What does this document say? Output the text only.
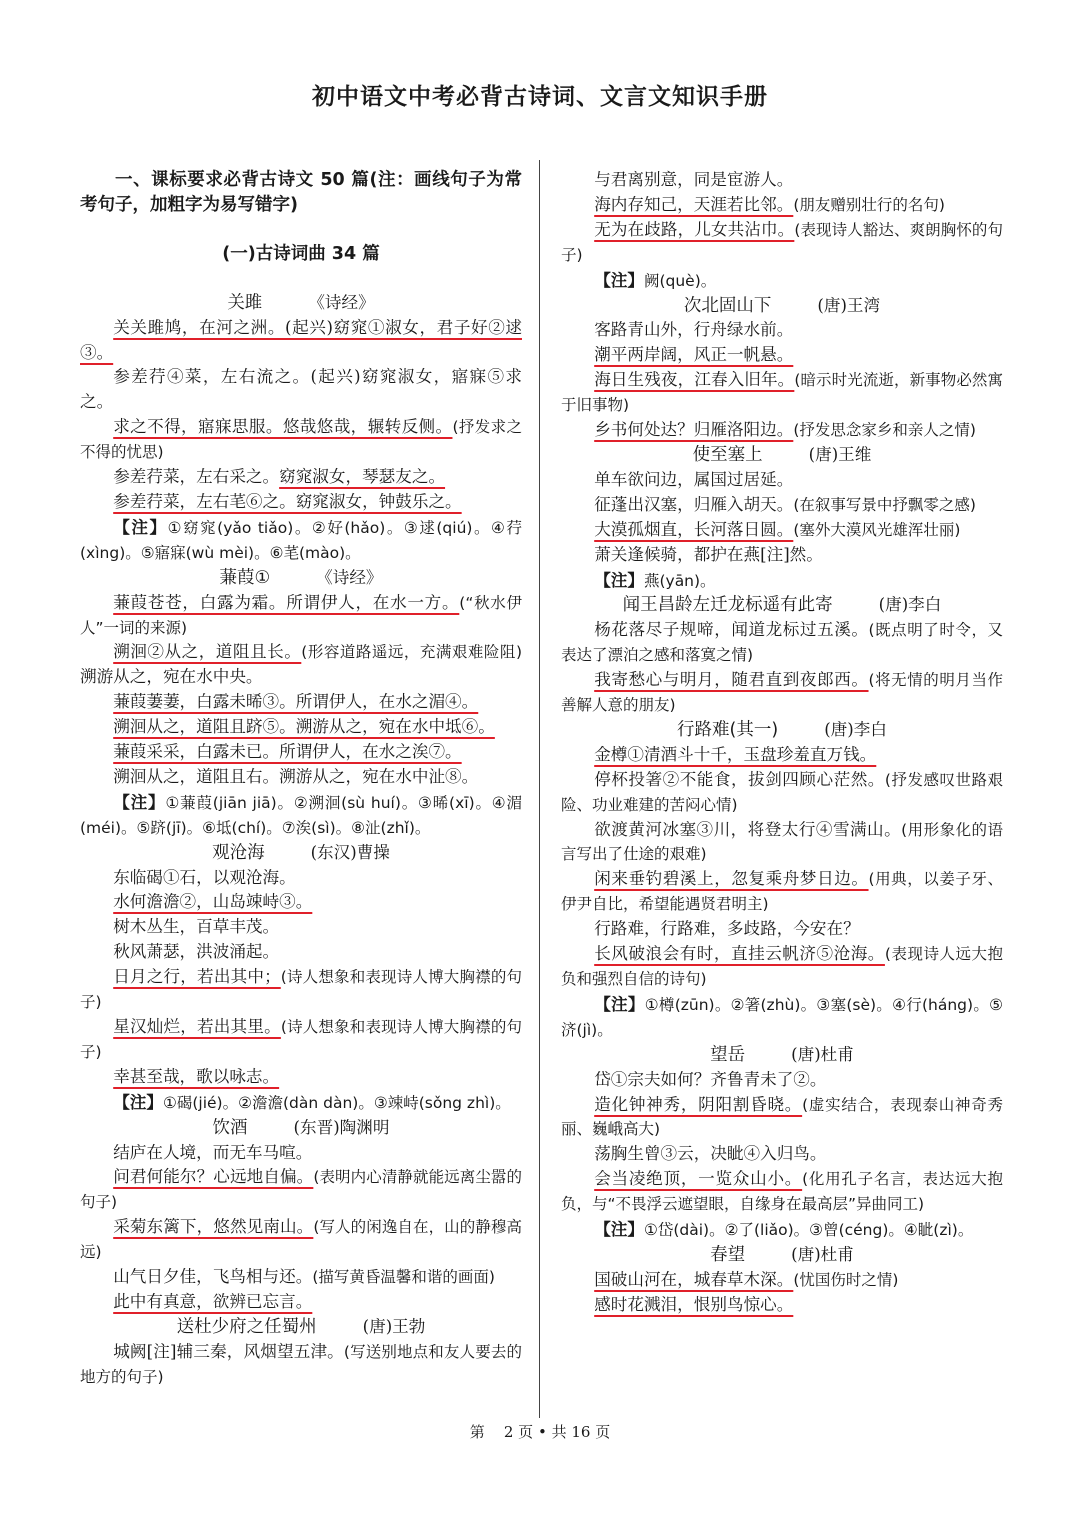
初中语文中考必背古诗词、文言文知识手册
一、课标要求必背古诗文 50 篇(注：画线句子为常考句子，加粗字为易写错字)
(一)古诗词曲 34 篇
关雎	《诗经》
关关雎鸠，在河之洲。(起兴)窈窕①淑女，君子好②逑③。
参差荇④菜，左右流之。(起兴)窈窕淑女，寤寐⑤求之。
求之不得，寤寐思服。悠哉悠哉，辗转反侧。(抒发求之不得的忧思)
参差荇菜，左右采之。窈窕淑女，琴瑟友之。
参差荇菜，左右芼⑥之。窈窕淑女，钟鼓乐之。
【注】①窈窕(yǎo tiǎo)。②好(hǎo)。③逑(qiú)。④荇(xìng)。⑤寤寐(wù mèi)。⑥芼(mào)。
蒹葭①	《诗经》
蒹葭苍苍，白露为霜。所谓伊人，在水一方。(“秋水伊人”一词的来源)
溯洄②从之，道阻且长。(形容道路遥远，充满艰难险阻)溯游从之，宛在水中央。
蒹葭萋萋，白露未晞③。所谓伊人，在水之湄④。
溯洄从之，道阻且跻⑤。溯游从之，宛在水中坻⑥。
蒹葭采采，白露未已。所谓伊人，在水之涘⑦。
溯洄从之，道阻且右。溯游从之，宛在水中沚⑧。
【注】①蒹葭(jiān jiā)。②溯洄(sù huí)。③晞(xī)。④湄(méi)。⑤跻(jī)。⑥坻(chí)。⑦涘(sì)。⑧沚(zhǐ)。
观沧海	(东汉)曹操
东临碣①石，以观沧海。
水何澹澹②，山岛竦峙③。
树木丛生，百草丰茂。
秋风萧瑟，洪波涌起。
日月之行，若出其中；(诗人想象和表现诗人博大胸襟的句子)
星汉灿烂，若出其里。(诗人想象和表现诗人博大胸襟的句子)
幸甚至哉，歌以咏志。
【注】①碣(jié)。②澹澹(dàn dàn)。③竦峙(sǒng zhì)。
饮酒	(东晋)陶渊明
结庐在人境，而无车马喧。
问君何能尔？心远地自偏。(表明内心清静就能远离尘嚣的句子)
采菊东篱下，悠然见南山。(写人的闲逸自在，山的静穆高远)
山气日夕佳，飞鸟相与还。(描写黄昏温馨和谐的画面)
此中有真意，欲辨已忘言。
送杜少府之任蜀州	(唐)王勃
城阙[注]辅三秦，风烟望五津。(写送别地点和友人要去的地方的句子)
与君离别意，同是宦游人。
海内存知己，天涯若比邻。(朋友赠别壮行的名句)
无为在歧路，儿女共沾巾。(表现诗人豁达、爽朗胸怀的句子)
【注】阙(què)。
次北固山下	(唐)王湾
客路青山外，行舟绿水前。
潮平两岸阔，风正一帆悬。
海日生残夜，江春入旧年。(暗示时光流逝，新事物必然寓于旧事物)
乡书何处达？归雁洛阳边。(抒发思念家乡和亲人之情)
使至塞上	(唐)王维
单车欲问边，属国过居延。
征蓬出汉塞，归雁入胡天。(在叙事写景中抒飘零之感)
大漠孤烟直，长河落日圆。(塞外大漠风光雄浑壮丽)
萧关逢候骑，都护在燕[注]然。
【注】燕(yān)。
闻王昌龄左迁龙标遥有此寄	(唐)李白
杨花落尽子规啼，闻道龙标过五溪。(既点明了时令，又表达了漂泊之感和落寞之情)
我寄愁心与明月，随君直到夜郎西。(将无情的明月当作善解人意的朋友)
行路难(其一)	(唐)李白
金樽①清酒斗十千，玉盘珍羞直万钱。
停杯投箸②不能食，拔剑四顾心茫然。(抒发感叹世路艰险、功业难建的苦闷心情)
欲渡黄河冰塞③川，将登太行④雪满山。(用形象化的语言写出了仕途的艰难)
闲来垂钓碧溪上，忽复乘舟梦日边。(用典，以姜子牙、伊尹自比，希望能遇贤君明主)
行路难，行路难，多歧路，今安在？
长风破浪会有时，直挂云帆济⑤沧海。(表现诗人远大抱负和强烈自信的诗句)
【注】①樽(zūn)。②箸(zhù)。③塞(sè)。④行(háng)。⑤济(jì)。
望岳	(唐)杜甫
岱①宗夫如何？齐鲁青未了②。
造化钟神秀，阴阳割昏晓。(虚实结合，表现泰山神奇秀丽、巍峨高大)
荡胸生曾③云，决眦④入归鸟。
会当凌绝顶，一览众山小。(化用孔子名言，表达远大抱负，与“不畏浮云遮望眼，自缘身在最高层”异曲同工)
【注】①岱(dài)。②了(liǎo)。③曾(céng)。④眦(zì)。
春望	(唐)杜甫
国破山河在，城春草木深。(忧国伤时之情)
感时花溅泪，恨别鸟惊心。
第    2 页 • 共 16 页
